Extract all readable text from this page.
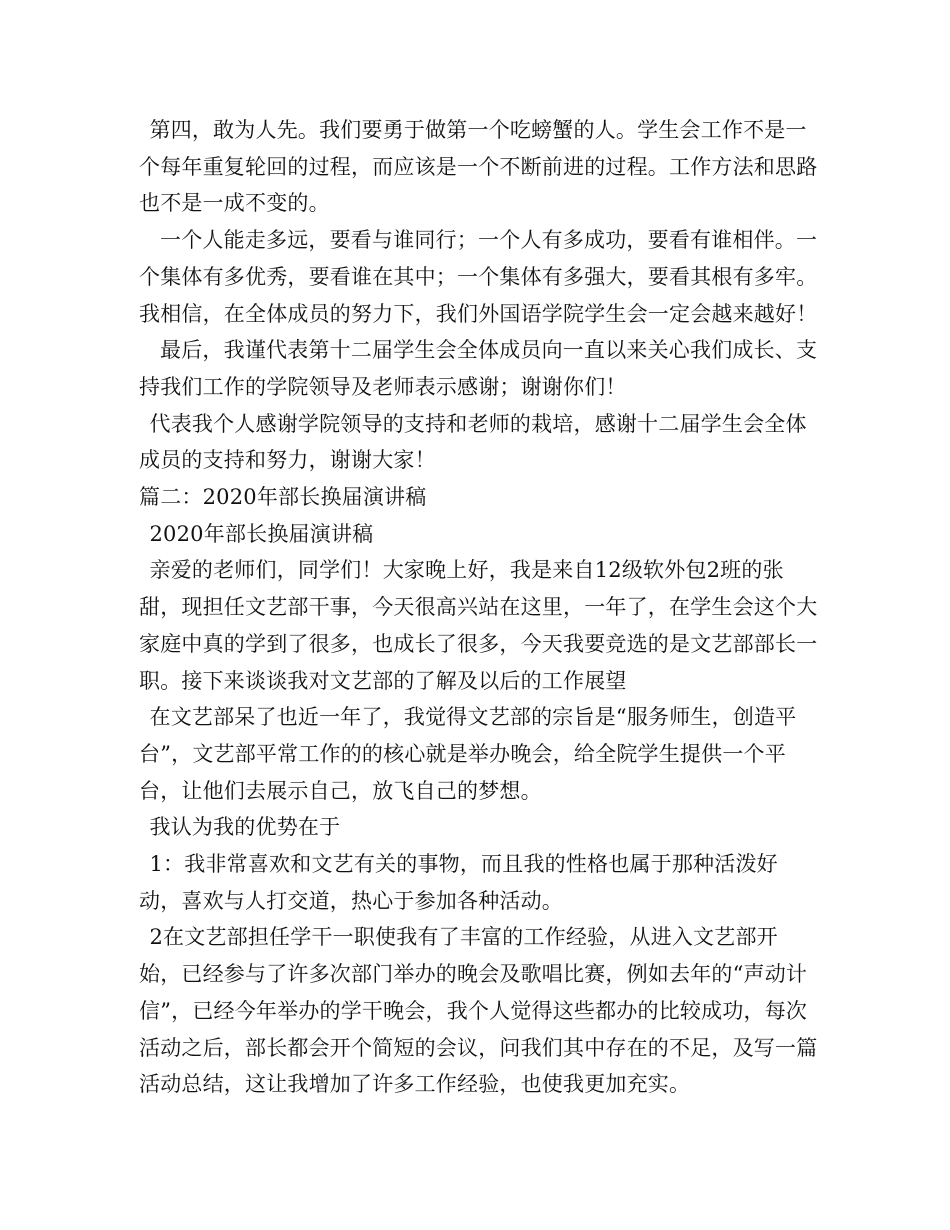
第四，敢为人先。我们要勇于做第一个吃螃蟹的人。学生会工作不是一个每年重复轮回的过程，而应该是一个不断前进的过程。工作方法和思路也不是一成不变的。

一个人能走多远，要看与谁同行；一个人有多成功，要看有谁相伴。一个集体有多优秀，要看谁在其中；一个集体有多强大，要看其根有多牢。我相信，在全体成员的努力下，我们外国语学院学生会一定会越来越好！

最后，我谨代表第十二届学生会全体成员向一直以来关心我们成长、支持我们工作的学院领导及老师表示感谢；谢谢你们！

代表我个人感谢学院领导的支持和老师的栽培，感谢十二届学生会全体成员的支持和努力，谢谢大家！

篇二：2020年部长换届演讲稿

2020年部长换届演讲稿

亲爱的老师们，同学们！大家晚上好，我是来自12级软外包2班的张甜，现担任文艺部干事，今天很高兴站在这里，一年了，在学生会这个大家庭中真的学到了很多，也成长了很多，今天我要竞选的是文艺部部长一职。接下来谈谈我对文艺部的了解及以后的工作展望

在文艺部呆了也近一年了，我觉得文艺部的宗旨是“服务师生，创造平台”，文艺部平常工作的的核心就是举办晚会，给全院学生提供一个平台，让他们去展示自己，放飞自己的梦想。

我认为我的优势在于

1：我非常喜欢和文艺有关的事物，而且我的性格也属于那种活泼好动，喜欢与人打交道，热心于参加各种活动。

2在文艺部担任学干一职使我有了丰富的工作经验，从进入文艺部开始，已经参与了许多次部门举办的晚会及歌唱比赛，例如去年的“声动计信”，已经今年举办的学干晚会，我个人觉得这些都办的比较成功，每次活动之后，部长都会开个简短的会议，问我们其中存在的不足，及写一篇活动总结，这让我增加了许多工作经验，也使我更加充实。
